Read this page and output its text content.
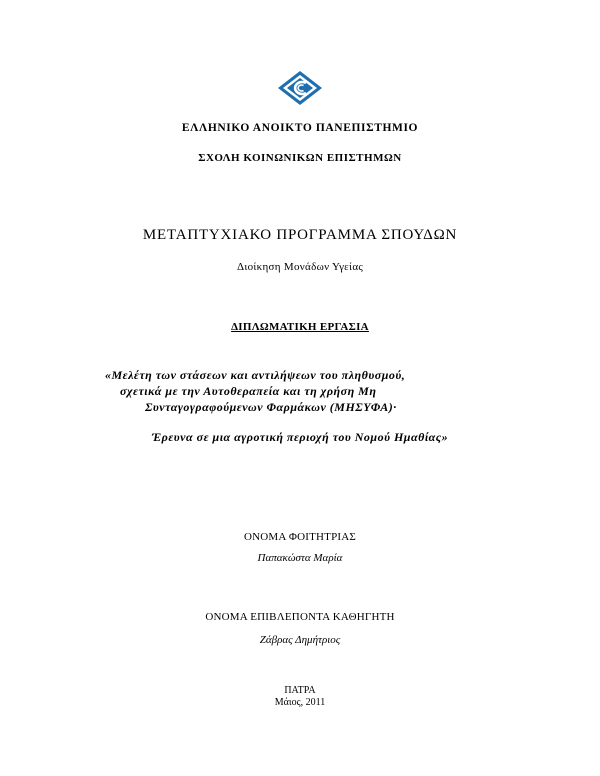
ΕΛΛΗΝΙΚΟ ΑΝΟΙΚΤΟ ΠΑΝΕΠΙΣΤΗΜΙΟ
ΣΧΟΛΗ ΚΟΙΝΩΝΙΚΩΝ ΕΠΙΣΤΗΜΩΝ
ΜΕΤΑΠΤΥΧΙΑΚΟ ΠΡΟΓΡΑΜΜΑ ΣΠΟΥΔΩΝ
Διοίκηση Μονάδων Υγείας
ΔΙΠΛΩΜΑΤΙΚΗ ΕΡΓΑΣΙΑ
«Μελέτη των στάσεων και αντιλήψεων του πληθυσμού,
σχετικά με την Αυτοθεραπεία και τη χρήση Μη
Συνταγογραφούμενων Φαρμάκων (ΜΗΣΥΦΑ)·
Έρευνα σε μια αγροτική περιοχή του Νομού Ημαθίας»
ΟΝΟΜΑ ΦΟΙΤΗΤΡΙΑΣ
Παπακώστα Μαρία
ΟΝΟΜΑ ΕΠΙΒΛΕΠΟΝΤΑ ΚΑΘΗΓΗΤΗ
Ζάβρας Δημήτριος
ΠΑΤΡΑ
Μάιος, 2011
